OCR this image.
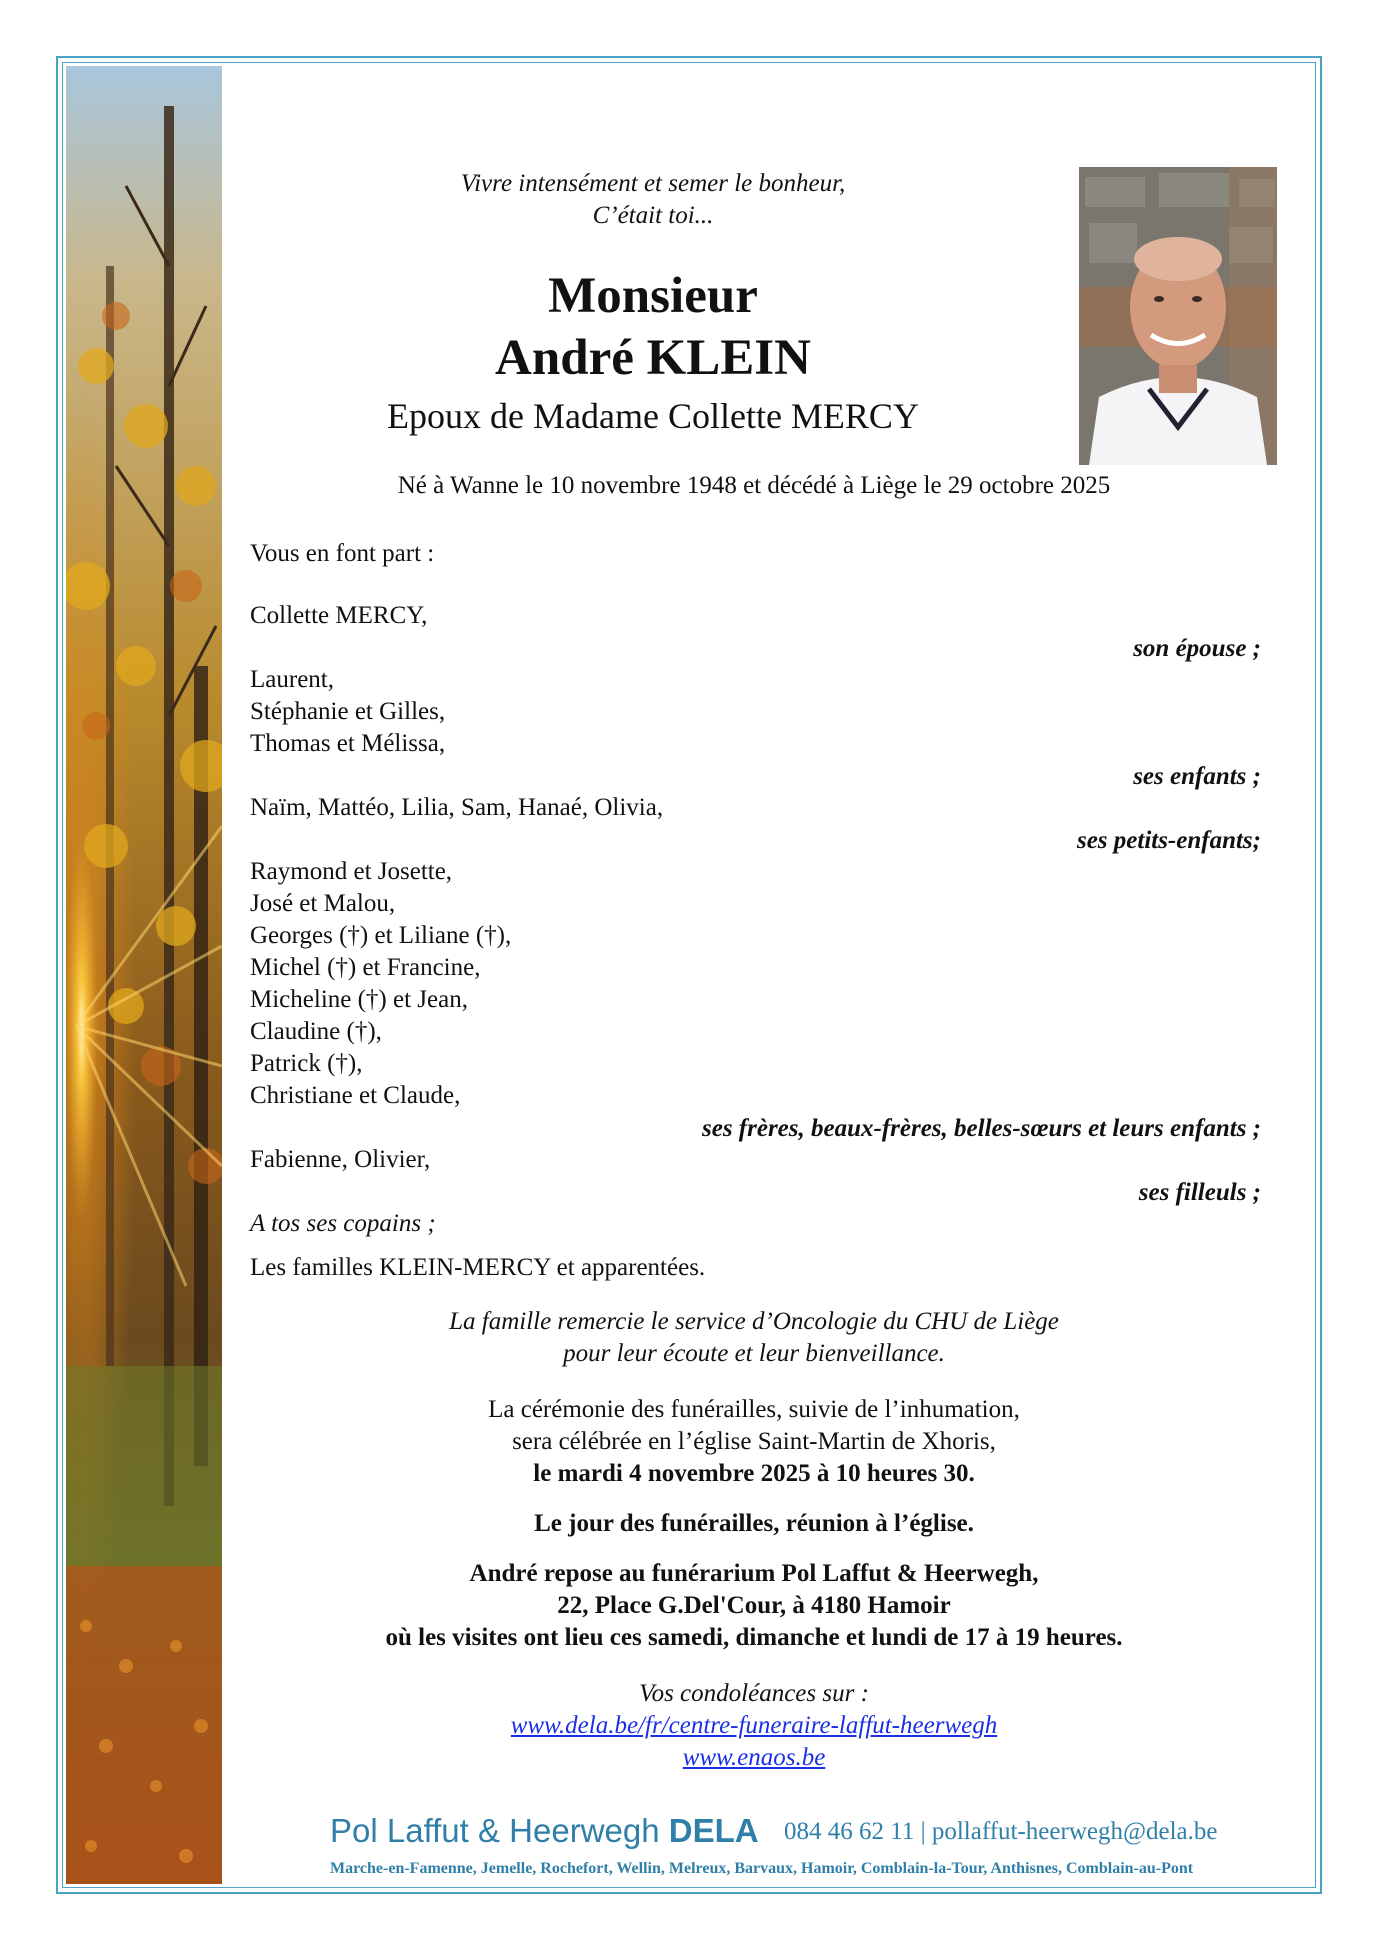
Vivre intensément et semer le bonheur,
C’était toi...
Monsieur
André KLEIN
Epoux de Madame Collette MERCY
Né à Wanne le 10 novembre 1948 et décédé à Liège le 29 octobre 2025
Vous en font part :
Collette MERCY,
son épouse ;
Laurent,
Stéphanie et Gilles,
Thomas et Mélissa,
ses enfants ;
Naïm, Mattéo, Lilia, Sam, Hanaé, Olivia,
ses petits-enfants;
Raymond et Josette,
José et Malou,
Georges (†) et Liliane (†),
Michel (†) et Francine,
Micheline (†) et Jean,
Claudine (†),
Patrick (†),
Christiane et Claude,
ses frères, beaux-frères, belles-sœurs et leurs enfants ;
Fabienne, Olivier,
ses filleuls ;
A tos ses copains ;
Les familles KLEIN-MERCY et apparentées.
La famille remercie le service d’Oncologie du CHU de Liège
pour leur écoute et leur bienveillance.
La cérémonie des funérailles, suivie de l’inhumation,
sera célébrée en l’église Saint-Martin de Xhoris,
le mardi 4 novembre 2025 à 10 heures 30.
Le jour des funérailles, réunion à l’église.
André repose au funérarium Pol Laffut & Heerwegh,
22, Place G.Del'Cour, à 4180 Hamoir
où les visites ont lieu ces samedi, dimanche et lundi de 17 à 19 heures.
Vos condoléances sur :
www.dela.be/fr/centre-funeraire-laffut-heerwegh
www.enaos.be
Pol Laffut & Heerwegh DELA 084 46 62 11 | pollaffut-heerwegh@dela.be
Marche-en-Famenne, Jemelle, Rochefort, Wellin, Melreux, Barvaux, Hamoir, Comblain-la-Tour, Anthisnes, Comblain-au-Pont
